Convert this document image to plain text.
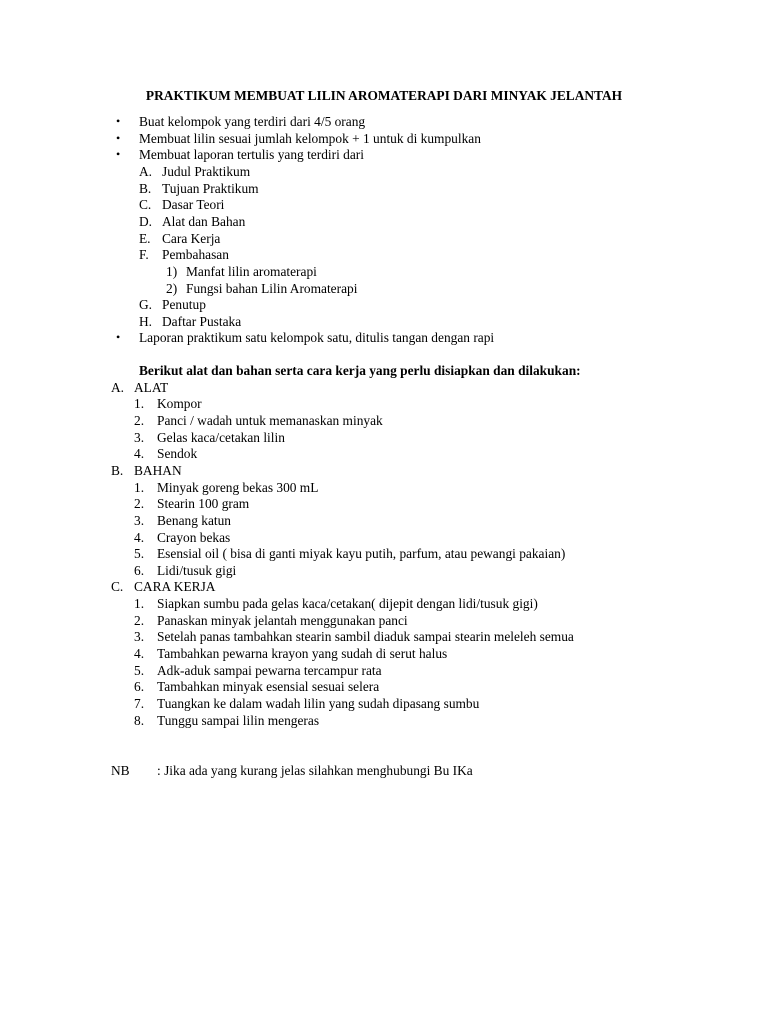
PRAKTIKUM MEMBUAT LILIN AROMATERAPI DARI MINYAK JELANTAH
• Buat kelompok yang terdiri dari 4/5 orang
• Membuat lilin sesuai jumlah kelompok + 1 untuk di kumpulkan
• Membuat laporan tertulis yang terdiri dari
A. Judul Praktikum
B. Tujuan Praktikum
C. Dasar Teori
D. Alat dan Bahan
E. Cara Kerja
F. Pembahasan
1) Manfat lilin aromaterapi
2) Fungsi bahan Lilin Aromaterapi
G. Penutup
H. Daftar Pustaka
• Laporan praktikum satu kelompok satu, ditulis tangan dengan rapi
Berikut alat dan bahan serta cara kerja yang perlu disiapkan dan dilakukan:
A. ALAT
1. Kompor
2. Panci / wadah untuk memanaskan minyak
3. Gelas kaca/cetakan lilin
4. Sendok
B. BAHAN
1. Minyak goreng bekas 300 mL
2. Stearin 100 gram
3. Benang katun
4. Crayon bekas
5. Esensial oil ( bisa di ganti miyak kayu putih, parfum, atau pewangi pakaian)
6. Lidi/tusuk gigi
C. CARA KERJA
1. Siapkan sumbu pada gelas kaca/cetakan( dijepit dengan lidi/tusuk gigi)
2. Panaskan minyak jelantah menggunakan panci
3. Setelah panas tambahkan stearin sambil diaduk sampai stearin meleleh semua
4. Tambahkan pewarna krayon yang sudah di serut halus
5. Adk-aduk sampai pewarna tercampur rata
6. Tambahkan minyak esensial sesuai selera
7. Tuangkan ke dalam wadah lilin yang sudah dipasang sumbu
8. Tunggu sampai lilin mengeras
NB : Jika ada yang kurang jelas silahkan menghubungi Bu IKa
